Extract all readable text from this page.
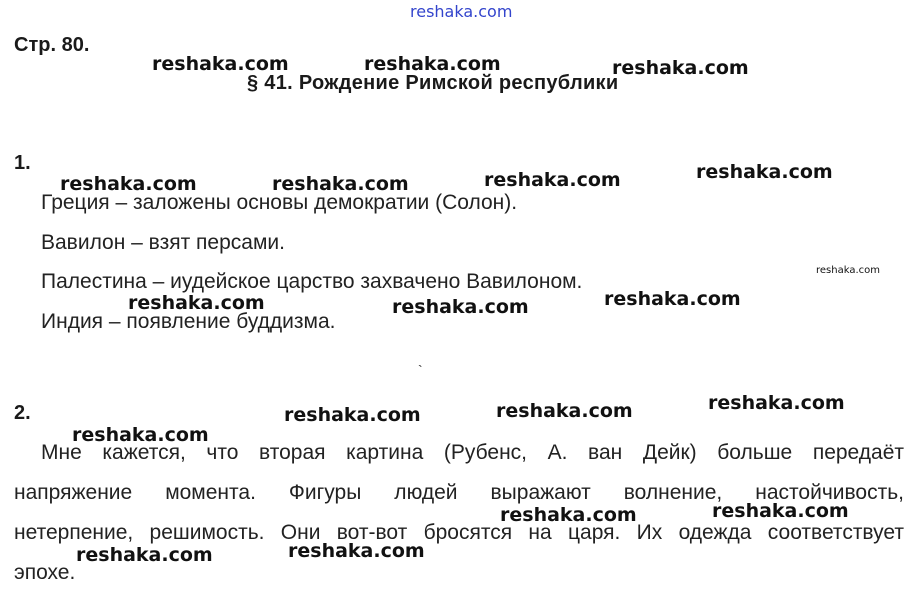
reshaka.com
Стр. 80.
§ 41. Рождение Римской республики
1.
Греция – заложены основы демократии (Солон).
Вавилон – взят персами.
Палестина – иудейское царство захвачено Вавилоном.
Индия – появление буддизма.
`
2.
Мне кажется, что вторая картина (Рубенс, А. ван Дейк) больше передаёт
напряжение момента. Фигуры людей выражают волнение, настойчивость,
нетерпение, решимость. Они вот-вот бросятся на царя. Их одежда соответствует
эпохе.
reshaka.com	reshaka.com	reshaka.com
reshaka.com	reshaka.com	reshaka.com	reshaka.com
reshaka.com
reshaka.com	reshaka.com	reshaka.com
reshaka.com	reshaka.com	reshaka.com
reshaka.com
reshaka.com	reshaka.com
reshaka.com	reshaka.com
